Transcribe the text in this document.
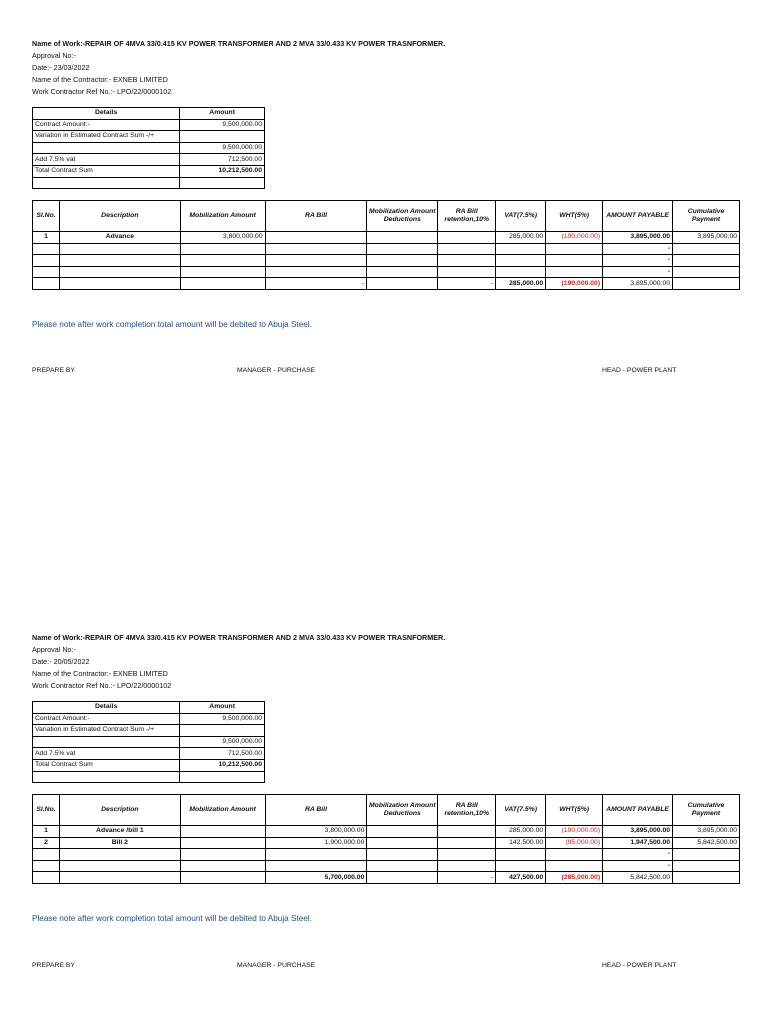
Name of Work:-REPAIR OF 4MVA 33/0.415 KV POWER TRANSFORMER AND 2 MVA 33/0.433 KV POWER TRASNFORMER.
Approval No:-
Date:- 23/03/2022
Name of the Contractor:- EXNEB LIMITED
Work Contractor Ref No.:- LPO/22/0000102
Details	Amount
Contract Amount:-	9,500,000.00
Variation in Estimated Contract Sum -/+	
	9,500,000.00
Add 7.5% vat	712,500.00
Total Contract Sum	10,212,500.00

Sl.No.	Description	Mobilization Amount	RA Bill	Mobilization Amount Deductions	RA Bill retention,10%	VAT(7.5%)	WHT(5%)	AMOUNT PAYABLE	Cumulative Payment
1	Advance	3,800,000.00				285,000.00	(190,000.00)	3,895,000.00	3,895,000.00
								-	
								-	
								-	
			-		-	285,000.00	(190,000.00)	3,895,000.00	
Please note after work completion total amount will be debited to Abuja Steel.
PREPARE BY	MANAGER - PURCHASE	HEAD - POWER PLANT
Name of Work:-REPAIR OF 4MVA 33/0.415 KV POWER TRANSFORMER AND 2 MVA 33/0.433 KV POWER TRASNFORMER.
Approval No:-
Date:- 20/05/2022
Name of the Contractor:- EXNEB LIMITED
Work Contractor Ref No.:- LPO/22/0000102
Details	Amount
Contract Amount:-	9,500,000.00
Variation in Estimated Contract Sum -/+	
	9,500,000.00
Add 7.5% vat	712,500.00
Total Contract Sum	10,212,500.00

Sl.No.	Description	Mobilization Amount	RA Bill	Mobilization Amount Deductions	RA Bill retention,10%	VAT(7.5%)	WHT(5%)	AMOUNT PAYABLE	Cumulative Payment
1	Advance /bill 1		3,800,000.00			285,000.00	(190,000.00)	3,895,000.00	3,895,000.00
2	Bill 2		1,900,000.00			142,500.00	(95,000.00)	1,947,500.00	5,842,500.00
								-	
								-	
			5,700,000.00		-	427,500.00	(285,000.00)	5,842,500.00	
Please note after work completion total amount will be debited to Abuja Steel.
PREPARE BY	MANAGER - PURCHASE	HEAD - POWER PLANT
